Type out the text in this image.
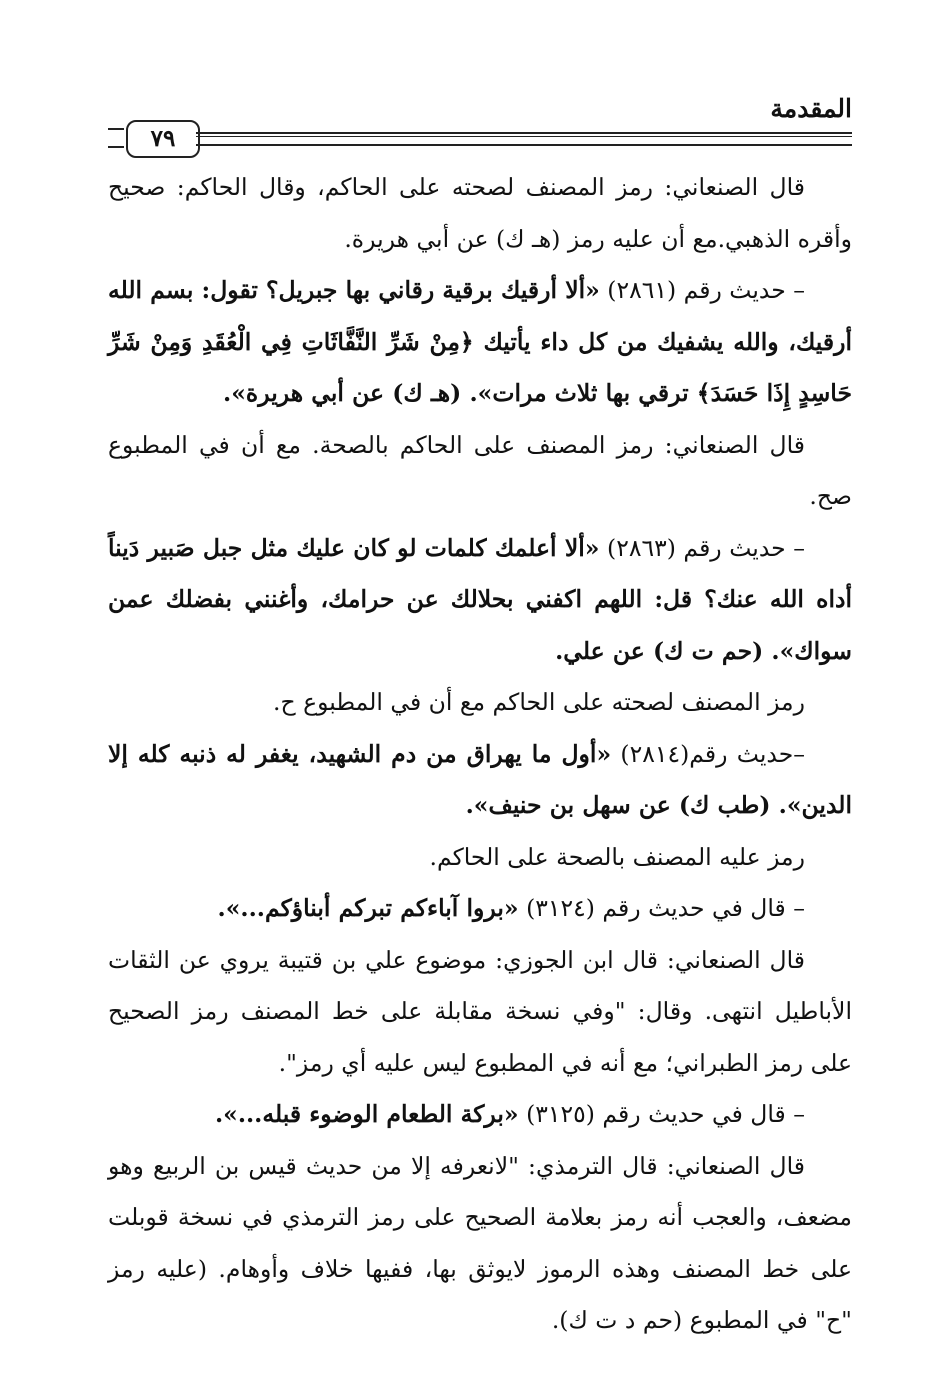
المقدمة
٧٩

قال الصنعاني: رمز المصنف لصحته على الحاكم، وقال الحاكم: صحيح وأقره الذهبي.مع أن عليه رمز (هـ ك) عن أبي هريرة.

– حديث رقم (٢٨٦١) «ألا أرقيك برقية رقاني بها جبريل؟ تقول: بسم الله أرقيك، والله يشفيك من كل داء يأتيك ﴿مِنْ شَرِّ النَّفَّاثَاتِ فِي الْعُقَدِ وَمِنْ شَرِّ حَاسِدٍ إِذَا حَسَدَ﴾ ترقي بها ثلاث مرات». (هـ ك) عن أبي هريرة».

قال الصنعاني: رمز المصنف على الحاكم بالصحة. مع أن في المطبوع صح.

– حديث رقم (٢٨٦٣) «ألا أعلمك كلمات لو كان عليك مثل جبل صَبير دَيناً أداه الله عنك؟ قل: اللهم اكفني بحلالك عن حرامك، وأغنني بفضلك عمن سواك». (حم ت ك) عن علي.

رمز المصنف لصحته على الحاكم مع أن في المطبوع ح.

–حديث رقم(٢٨١٤) «أول ما يهراق من دم الشهيد، يغفر له ذنبه كله إلا الدين». (طب ك) عن سهل بن حنيف».

رمز عليه المصنف بالصحة على الحاكم.

– قال في حديث رقم (٣١٢٤) «بروا آباءكم تبركم أبناؤكم...».

قال الصنعاني: قال ابن الجوزي: موضوع علي بن قتيبة يروي عن الثقات الأباطيل انتهى. وقال: "وفي نسخة مقابلة على خط المصنف رمز الصحيح على رمز الطبراني؛ مع أنه في المطبوع ليس عليه أي رمز".

– قال في حديث رقم (٣١٢٥) «بركة الطعام الوضوء قبله...».

قال الصنعاني: قال الترمذي: "لانعرفه إلا من حديث قيس بن الربيع وهو مضعف، والعجب أنه رمز بعلامة الصحيح على رمز الترمذي في نسخة قوبلت على خط المصنف وهذه الرموز لايوثق بها، ففيها خلاف وأوهام. (عليه رمز "ح" في المطبوع (حم د ت ك).
